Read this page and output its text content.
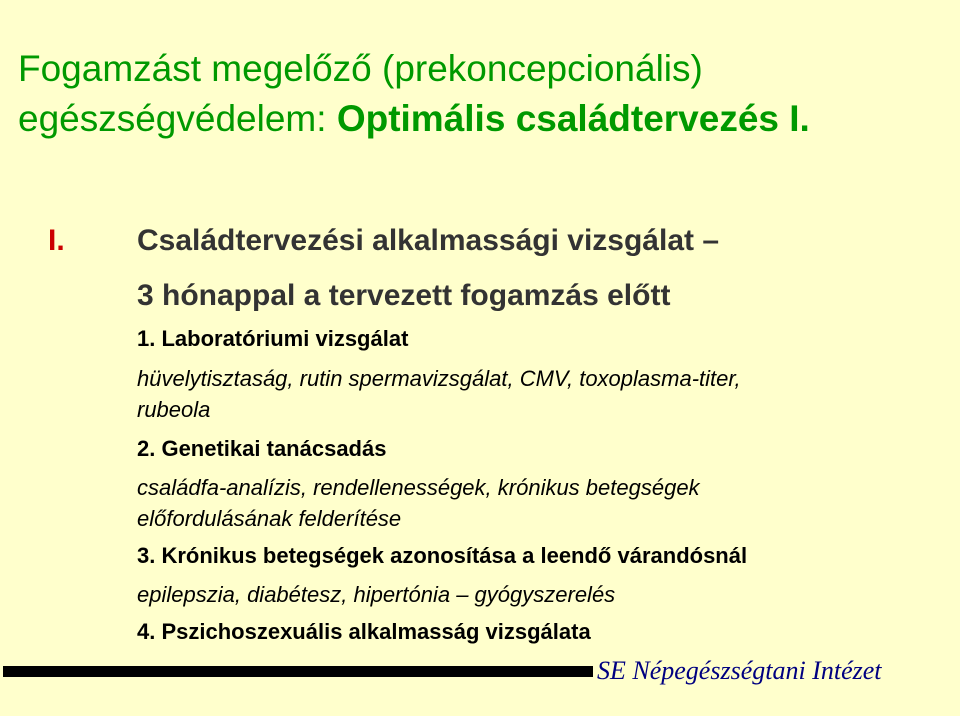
Fogamzást megelőző (prekoncepcionális)
egészségvédelem: Optimális családtervezés I.
I. Családtervezési alkalmassági vizsgálat –
3 hónappal a tervezett fogamzás előtt
1. Laboratóriumi vizsgálat
hüvelytisztaság, rutin spermavizsgálat, CMV, toxoplasma-titer,
rubeola
2. Genetikai tanácsadás
családfa-analízis, rendellenességek, krónikus betegségek
előfordulásának felderítése
3. Krónikus betegségek azonosítása a leendő várandósnál
epilepszia, diabétesz, hipertónia – gyógyszerelés
4. Pszichoszexuális alkalmasság vizsgálata
SE Népegészségtani Intézet
